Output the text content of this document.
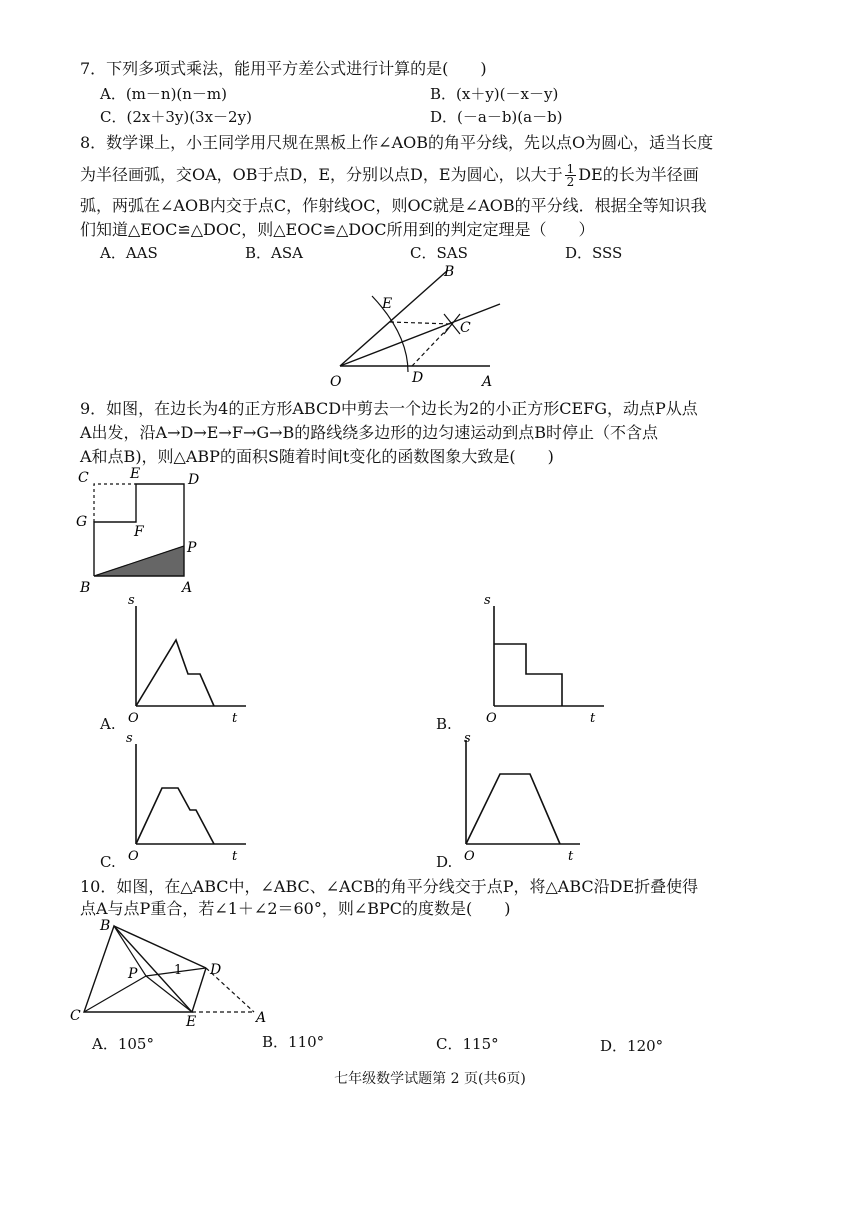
7．下列多项式乘法，能用平方差公式进行计算的是(　　)
A．(m－n)(n－m)	B．(x＋y)(－x－y)
C．(2x＋3y)(3x－2y)	D．(－a－b)(a－b)
8．数学课上，小王同学用尺规在黑板上作∠AOB的角平分线，先以点O为圆心，适当长度
为半径画弧，交OA，OB于点D，E，分别以点D，E为圆心，以大于 $\frac{1}{2}$ DE的长为半径画
弧，两弧在∠AOB内交于点C，作射线OC，则OC就是∠AOB的平分线．根据全等知识我
们知道△EOC≌△DOC，则△EOC≌△DOC所用到的判定定理是（　　）
A．AAS	B．ASA	C．SAS	D．SSS
B
E
C
O	D	A
9．如图，在边长为4的正方形ABCD中剪去一个边长为2的小正方形CEFG，动点P从点
A出发，沿A→D→E→F→G→B的路线绕多边形的边匀速运动到点B时停止（不含点
A和点B)，则△ABP的面积S随着时间t变化的函数图象大致是(　　)
C	E	D
G
F
P
B	A
A.
s
t
O	B.
s
t
O
C.
s
t
O	D.
s
t
O
10．如图，在△ABC中，∠ABC、∠ACB的角平分线交于点P，将△ABC沿DE折叠使得
点A与点P重合，若∠1＋∠2＝60°，则∠BPC的度数是(　　)
B
P	1 D
C	E	A
A．105°	B．110°	C．115°	D．120°
七年级数学试题第 2 页(共6页)
